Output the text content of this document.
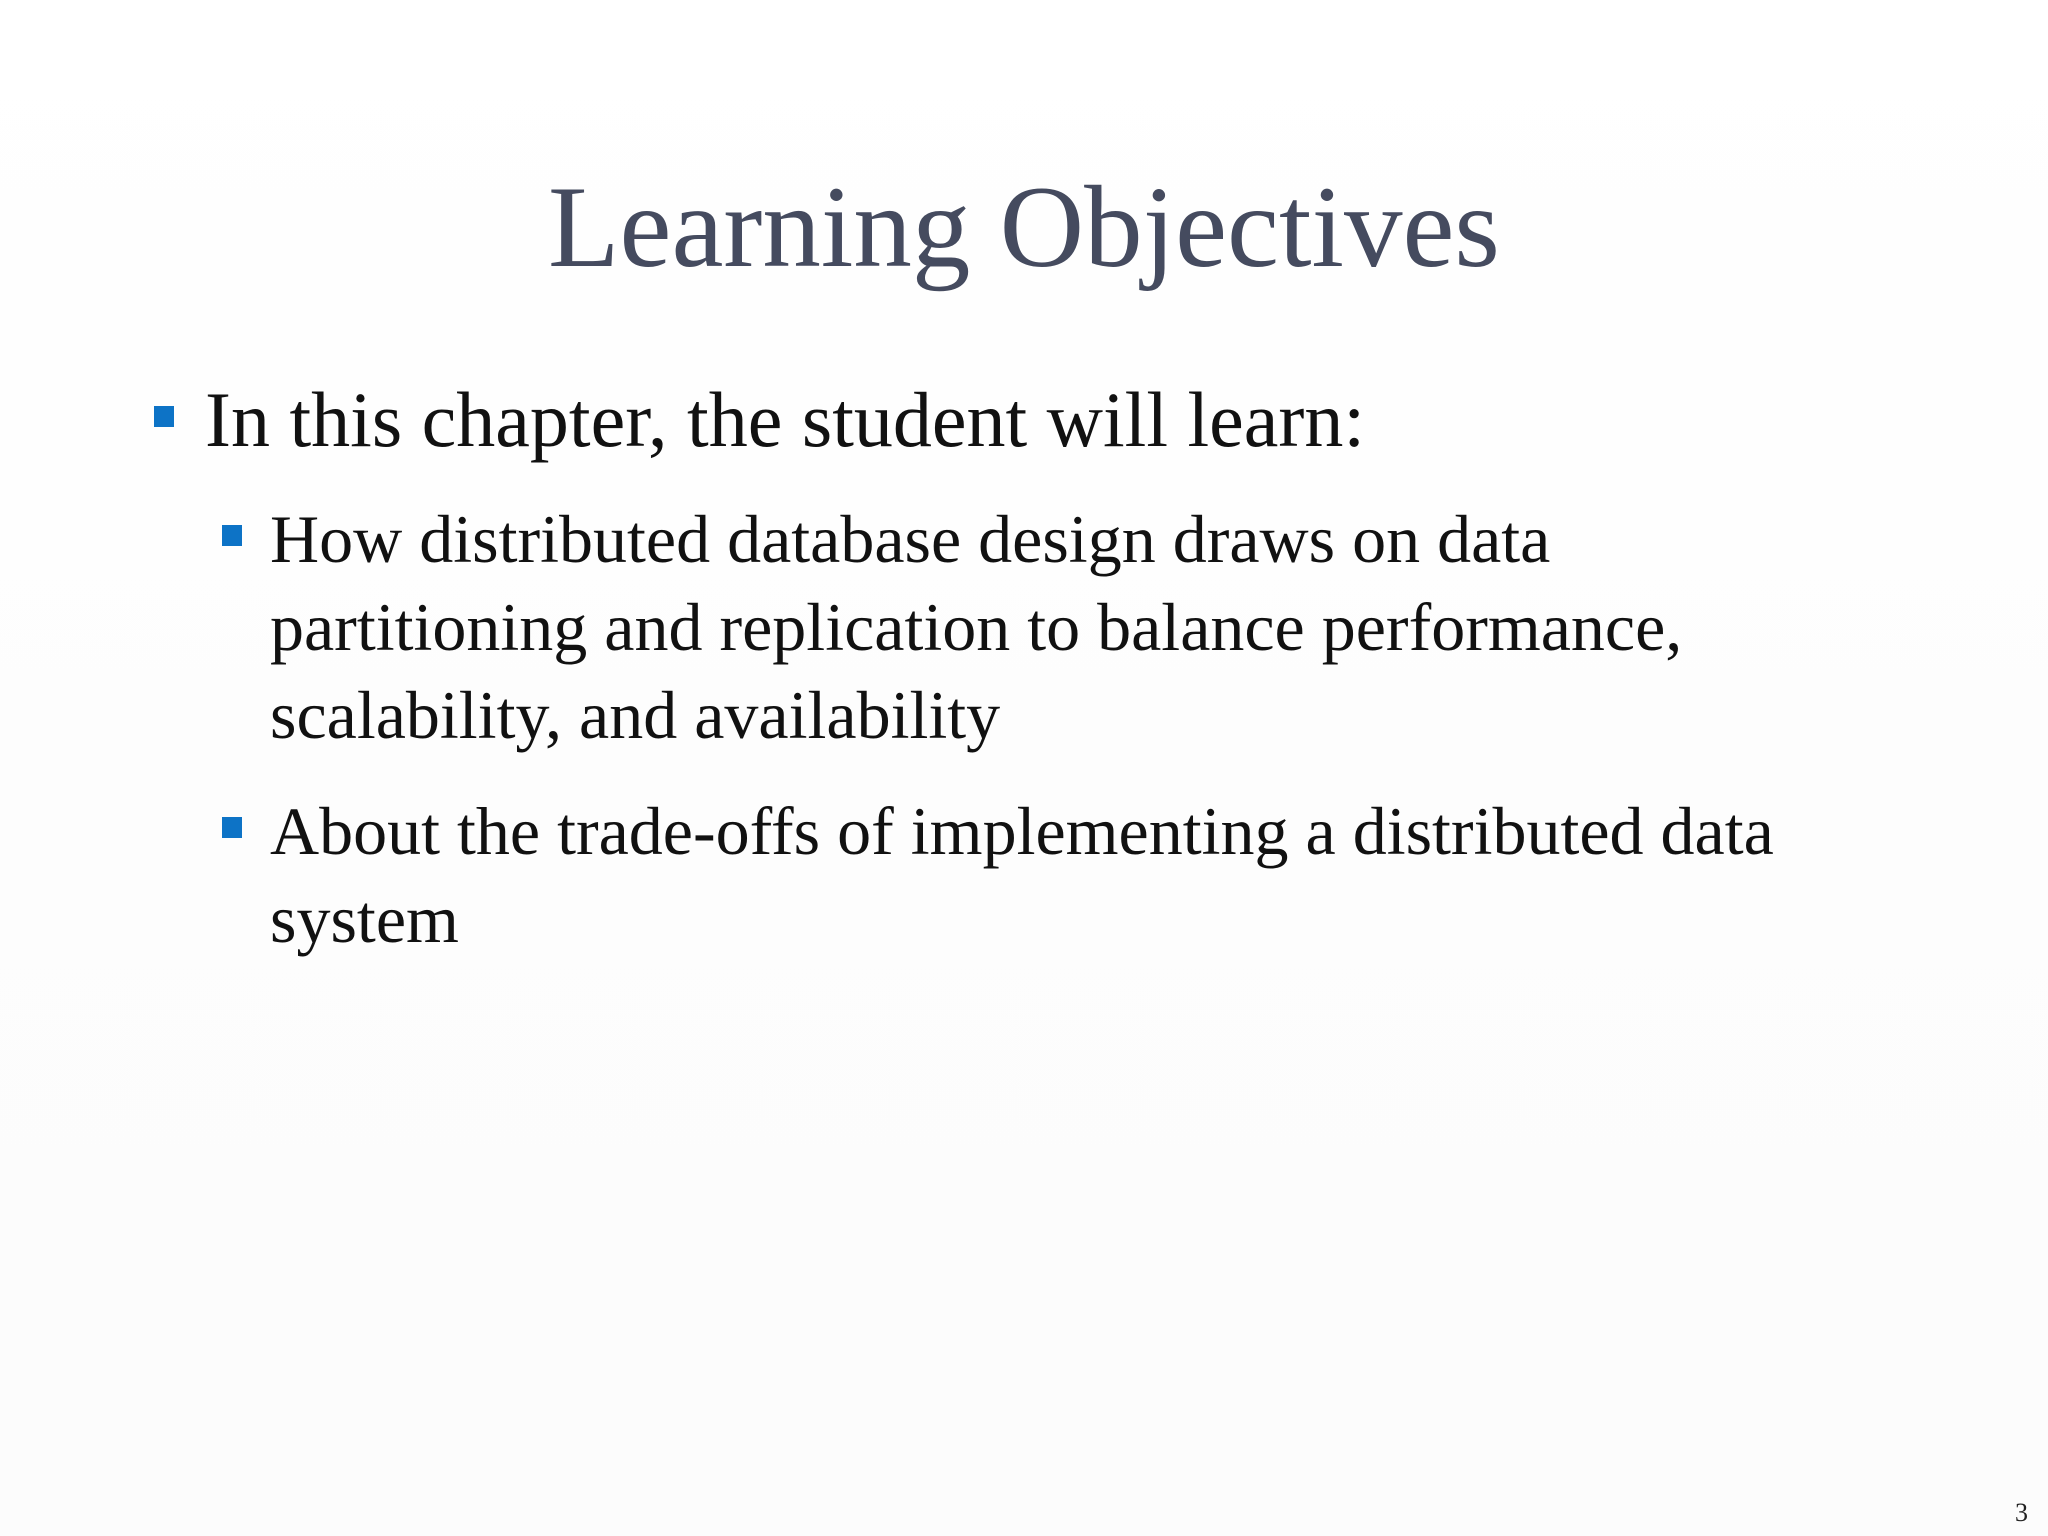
Learning Objectives
In this chapter, the student will learn:
How distributed database design draws on data partitioning and replication to balance performance, scalability, and availability
About the trade-offs of implementing a distributed data system
3
